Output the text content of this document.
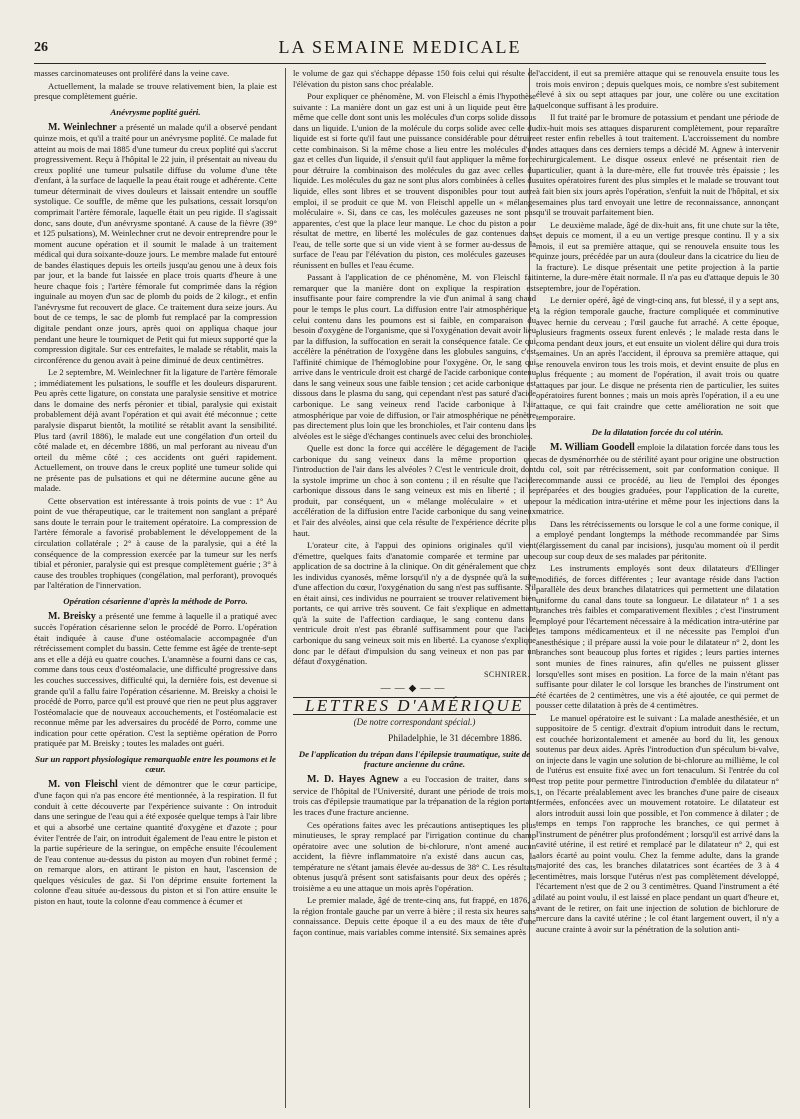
26	LA SEMAINE MEDICALE

masses carcinomateuses ont proliféré dans la veine cave.

Actuellement, la malade se trouve relativement bien, la plaie est presque complètement guérie.

Anévrysme poplité guéri.

M. Weinlechner a présenté un malade qu'il a observé pendant quinze mois, et qu'il a traité pour un anévrysme poplité. Ce malade fut atteint au mois de mai 1885 d'une tumeur du creux poplité qui s'accrut progressivement. Reçu à l'hôpital le 22 juin, il présentait au niveau du creux poplité une tumeur pulsatile diffuse du volume d'une tête d'enfant, à la surface de laquelle la peau était rouge et adhérente. Cette tumeur déterminait de vives douleurs et laissait entendre un souffle systolique. Ce souffle, de même que les pulsations, cessait lorsqu'on comprimait l'artère fémorale, laquelle était un peu rigide. Il s'agissait donc, sans doute, d'un anévrysme spontané. A cause de la fièvre (39° et 125 pulsations), M. Weinlechner crut ne devoir entreprendre pour le moment aucune opération et il soumit le malade à un traitement médical qui dura soixante-douze jours. Le membre malade fut entouré de bandes élastiques depuis les orteils jusqu'au genou une à deux fois par jour, et la bande fut laissée en place trois quarts d'heure à une heure chaque fois ; l'artère fémorale fut comprimée dans la région inguinale au moyen d'un sac de plomb du poids de 2 kilogr., et enfin l'anévrysme fut recouvert de glace. Ce traitement dura seize jours. Au bout de ce temps, le sac de plomb fut remplacé par la compression digitale pendant onze jours, après quoi on appliqua chaque jour pendant une heure le tourniquet de Petit qui fut mieux supporté que la compression digitale. Sur ces entrefaites, le malade se rétablit, mais la circonférence du genou avait à peine diminué de deux centimètres.

Le 2 septembre, M. Weinlechner fit la ligature de l'artère fémorale ; immédiatement les pulsations, le souffle et les douleurs disparurent. Peu après cette ligature, on constata une paralysie sensitive et motrice dans le domaine des nerfs péronier et tibial, paralysie qui existait probablement déjà avant l'opération et qui avait été méconnue ; cette paralysie disparut bientôt, la motilité se rétablit avant la sensibilité. Plus tard (avril 1886), le malade eut une congélation d'un orteil du côté malade et, en décembre 1886, un mal perforant au niveau d'un orteil du même côté ; ces accidents ont guéri rapidement. Actuellement, on trouve dans le creux poplité une tumeur solide qui ne présente pas de pulsations et qui ne détermine aucune gêne au malade.

Cette observation est intéressante à trois points de vue : 1° Au point de vue thérapeutique, car le traitement non sanglant a préparé sans doute le terrain pour le traitement opératoire. La compression de l'artère fémorale a favorisé probablement le développement de la circulation collatérale ; 2° à cause de la paralysie, qui a été la conséquence de la compression exercée par la tumeur sur les nerfs tibial et péronier, paralysie qui est presque complètement guérie ; 3° à cause des troubles trophiques (congélation, mal perforant), provoqués par l'altération de l'innervation.

Opération césarienne d'après la méthode de Porro.

M. Breisky a présenté une femme à laquelle il a pratiqué avec succès l'opération césarienne selon le procédé de Porro. L'opération était indiquée à cause d'une ostéomalacie accompagnée d'un rétrécissement complet du bassin. Cette femme est âgée de trente-sept ans et elle a déjà eu quatre couches. L'anamnèse a fourni dans ce cas, comme dans tous ceux d'ostéomalacie, une difficulté progressive dans les couches successives, difficulté qui, la dernière fois, est devenue si grande qu'il a fallu faire l'opération césarienne. M. Breisky a choisi le procédé de Porro, parce qu'il est prouvé que rien ne peut plus aggraver l'ostéomalacie que de nouveaux accouchements, et l'ostéomalacie est reconnue même par les adversaires du procédé de Porro, comme une indication pour cette opération. C'est la septième opération de Porro pratiquée par M. Breisky ; toutes les malades ont guéri.

Sur un rapport physiologique remarquable entre les poumons et le cœur.

M. von Fleischl vient de démontrer que le cœur participe, d'une façon qui n'a pas encore été mentionnée, à la respiration. Il fut conduit à cette découverte par l'expérience suivante : On introduit dans une seringue de l'eau qui a été exposée quelque temps à l'air libre et qui a absorbé une certaine quantité d'oxygène et d'azote ; pour éviter l'entrée de l'air, on introduit également de l'eau entre le piston et la partie supérieure de la seringue, on empêche ensuite l'écoulement de l'eau contenue au-dessus du piston au moyen d'un robinet fermé ; on remarque alors, en attirant le piston en haut, l'ascension de quelques vésicules de gaz. Si l'on déprime ensuite fortement la colonne d'eau située au-dessous du piston et si l'on attire ensuite le piston en haut, toute la colonne d'eau commence à écumer et

le volume de gaz qui s'échappe dépasse 150 fois celui qui résulte de l'élévation du piston sans choc préalable.

Pour expliquer ce phénomène, M. von Fleischl a émis l'hypothèse suivante : La manière dont un gaz est uni à un liquide peut être la même que celle dont sont unis les molécules d'un corps solide dissous dans un liquide. L'union de la molécule du corps solide avec celle du liquide est si forte qu'il faut une puissance considérable pour détruire cette combinaison. Si la même chose a lieu entre les molécules d'un gaz et celles d'un liquide, il s'ensuit qu'il faut appliquer la même force pour détruire la combinaison des molécules du gaz avec celles du liquide. Les molécules du gaz ne sont plus alors combinées à celles du liquide, elles sont libres et se trouvent disponibles pour tout autre emploi, il se produit ce que M. von Fleischl appelle un « mélange moléculaire ». Si, dans ce cas, les molécules gazeuses ne sont pas apparentes, c'est que la place leur manque. Le choc du piston a pour résultat de mettre, en liberté les molécules de gaz contenues dans l'eau, de telle sorte que si un vide vient à se former au-dessus de la surface de l'eau par l'élévation du piston, ces molécules gazeuses se réunissent en bulles et l'eau écume.

Passant à l'application de ce phénomène, M. von Fleischl fait remarquer que la manière dont on explique la respiration est insuffisante pour faire comprendre la vie d'un animal à sang chaud pour le temps le plus court. La diffusion entre l'air atmosphérique et celui contenu dans les poumons est si faible, en comparaison du besoin d'oxygène de l'organisme, que si l'oxygénation devait avoir lieu par la diffusion, la suffocation en serait la conséquence fatale. Ce qui accélère la pénétration de l'oxygène dans les globules sanguins, c'est l'affinité chimique de l'hémoglobine pour l'oxygène. Or, le sang qui arrive dans le ventricule droit est chargé de l'acide carbonique contenu dans le sang veineux sous une faible tension ; cet acide carbonique est dissous dans le plasma du sang, qui cependant n'est pas saturé d'acide carbonique. Le sang veineux rend l'acide carbonique à l'air atmosphérique par voie de diffusion, or l'air atmosphérique ne pénètre pas directement plus loin que les bronchioles, et l'air contenu dans les alvéoles est le siège d'échanges continuels avec celui des bronchioles.

Quelle est donc la force qui accélère le dégagement de l'acide carbonique du sang veineux dans la même proportion que l'introduction de l'air dans les alvéoles ? C'est le ventricule droit, dont la systole imprime un choc à son contenu ; il en résulte que l'acide carbonique dissous dans le sang veineux est mis en liberté ; il se produit, par conséquent, un « mélange moléculaire » et une accélération de la diffusion entre l'acide carbonique du sang veineux et l'air des alvéoles, ainsi que cela résulte de l'expérience décrite plus haut.

L'orateur cite, à l'appui des opinions originales qu'il vient d'émettre, quelques faits d'anatomie comparée et termine par une application de sa doctrine à la clinique. On dit généralement que chez les individus cyanosés, même lorsqu'il n'y a de dyspnée qu'à la suite d'une affection du cœur, l'oxygénation du sang n'est pas suffisante. S'il en était ainsi, ces individus ne pourraient se trouver relativement bien portants, ce qui arrive très souvent. Ce fait s'explique en admettant qu'à la suite de l'affection cardiaque, le sang contenu dans le ventricule droit n'est pas ébranlé suffisamment pour que l'acide carbonique du sang veineux soit mis en liberté. La cyanose s'explique donc par le défaut d'impulsion du sang veineux et non pas par un défaut d'oxygénation.

SCHNIRER.
——◆——
LETTRES D'AMÉRIQUE
(De notre correspondant spécial.)
Philadelphie, le 31 décembre 1886.
De l'application du trépan dans l'épilepsie traumatique, suite de fracture ancienne du crâne.

M. D. Hayes Agnew a eu l'occasion de traiter, dans son service de l'hôpital de l'Université, durant une période de trois mois, trois cas d'épilepsie traumatique par la trépanation de la région portant les traces d'une fracture ancienne.

Ces opérations faites avec les précautions antiseptiques les plus minutieuses, le spray remplacé par l'irrigation continue du champ opératoire avec une solution de bi-chlorure, n'ont amené aucun accident, la fièvre inflammatoire n'a existé dans aucun cas, la température ne s'étant jamais élevée au-dessus de 38° C. Les résultats obtenus jusqu'à présent sont satisfaisants pour deux des opérés ; le troisième a eu une attaque un mois après l'opération.

Le premier malade, âgé de trente-cinq ans, fut frappé, en 1876, à la région frontale gauche par un verre à bière ; il resta six heures sans connaissance. Depuis cette époque il a eu des maux de tête d'une façon continue, mais variables comme intensité. Six semaines après

l'accident, il eut sa première attaque qui se renouvela ensuite tous les trois mois environ ; depuis quelques mois, ce nombre s'est subitement élevé à six ou sept attaques par jour, une colère ou une excitation quelconque suffisant à les produire.

Il fut traité par le bromure de potassium et pendant une période de dix-huit mois ses attaques disparurent complètement, pour reparaître et rester enfin rebelles à tout traitement. L'accroissement du nombre des attaques dans ces derniers temps a décidé M. Agnew à intervenir chirurgicalement. Le disque osseux enlevé ne présentait rien de particulier, quant à la dure-mère, elle fut trouvée très épaissie ; les suites opératoires furent des plus simples et le malade se trouvant tout à fait bien six jours après l'opération, s'enfuit la nuit de l'hôpital, et six semaines plus tard envoyait une lettre de reconnaissance, annonçant qu'il se trouvait parfaitement bien.

Le deuxième malade, âgé de dix-huit ans, fit une chute sur la tête, et depuis ce moment, il a eu un vertige presque continu. Il y a six mois, il eut sa première attaque, qui se renouvela ensuite tous les quinze jours, précédée par un aura (douleur dans la cicatrice du lieu de la fracture). Le disque présentait une petite projection à la partie interne, la dure-mère était normale. Il n'a pas eu d'attaque depuis le 30 septembre, jour de l'opération.

Le dernier opéré, âgé de vingt-cinq ans, fut blessé, il y a sept ans, à la région temporale gauche, fracture compliquée et comminutive avec hernie du cerveau ; l'œil gauche fut arraché. A cette époque, plusieurs fragments osseux furent enlevés ; le malade resta dans le coma pendant deux jours, et eut ensuite un violent délire qui dura trois semaines. Un an après l'accident, il éprouva sa première attaque, qui se renouvela environ tous les trois mois, et devint ensuite de plus en plus fréquente ; au moment de l'opération, il avait trois ou quatre attaques par jour. Le disque ne présenta rien de particulier, les suites opératoires furent bonnes ; mais un mois après l'opération, il a eu une attaque, ce qui fait craindre que cette amélioration ne soit que temporaire.

De la dilatation forcée du col utérin.

M. William Goodell emploie la dilatation forcée dans tous les cas de dysménorrhée ou de stérilité ayant pour origine une obstruction du col, soit par rétrécissement, soit par conformation conique. Il recommande aussi ce procédé, au lieu de l'emploi des éponges préparées et des bougies graduées, pour l'application de la curette, pour la médication intra-utérine et même pour les injections dans la matrice.

Dans les rétrécissements ou lorsque le col a une forme conique, il a employé pendant longtemps la méthode recommandée par Sims (élargissement du canal par incisions), jusqu'au moment où il perdit coup sur coup deux de ses malades par péritonite.

Les instruments employés sont deux dilatateurs d'Ellinger modifiés, de forces différentes ; leur avantage réside dans l'action parallèle des deux branches dilatatrices qui permettent une dilatation uniforme du canal dans toute sa longueur. Le dilatateur n° 1 a ses branches très faibles et comparativement flexibles ; c'est l'instrument employé pour l'écartement nécessaire à la médication intra-utérine par les tampons médicamenteux et il ne nécessite pas l'emploi d'un anesthésique ; il prépare aussi la voie pour le dilatateur n° 2, dont les branches sont beaucoup plus fortes et rigides ; leurs parties internes sont munies de fines rainures, afin qu'elles ne puissent glisser lorsqu'elles sont mises en position. La force de la main n'étant pas suffisante pour dilater le col lorsque les branches de l'instrument ont été écartées de 2 centimètres, une vis a été ajoutée, ce qui permet de pousser cette dilatation à près de 4 centimètres.

Le manuel opératoire est le suivant : La malade anesthésiée, et un suppositoire de 5 centigr. d'extrait d'opium introduit dans le rectum, est couchée horizontalement et amenée au bord du lit, les genoux soutenus par deux aides. Après l'introduction d'un spéculum bi-valve, on injecte dans le vagin une solution de bi-chlorure au millième, le col de l'utérus est ensuite fixé avec un fort tenaculum. Si l'entrée du col est trop petite pour permettre l'introduction d'emblée du dilatateur n° 1, on l'écarte préalablement avec les branches d'une paire de ciseaux fermées, enfoncées avec un mouvement rotatoire. Le dilatateur est alors introduit aussi loin que possible, et l'on commence à dilater ; de temps en temps l'on rapproche les branches, ce qui permet à l'instrument de pénétrer plus profondément ; lorsqu'il est arrivé dans la cavité utérine, il est retiré et remplacé par le dilatateur n° 2, qui est alors écarté au point voulu. Chez la femme adulte, dans la grande majorité des cas, les branches dilatatrices sont écartées de 3 à 4 centimètres, mais lorsque l'utérus n'est pas complètement développé, l'écartement n'est que de 2 ou 3 centimètres. Quand l'instrument a été dilaté au point voulu, il est laissé en place pendant un quart d'heure et, avant de le retirer, on fait une injection de solution de bichlorure de mercure dans la cavité utérine ; le col étant largement ouvert, il n'y a aucune crainte à avoir sur la pénétration de la solution anti-
